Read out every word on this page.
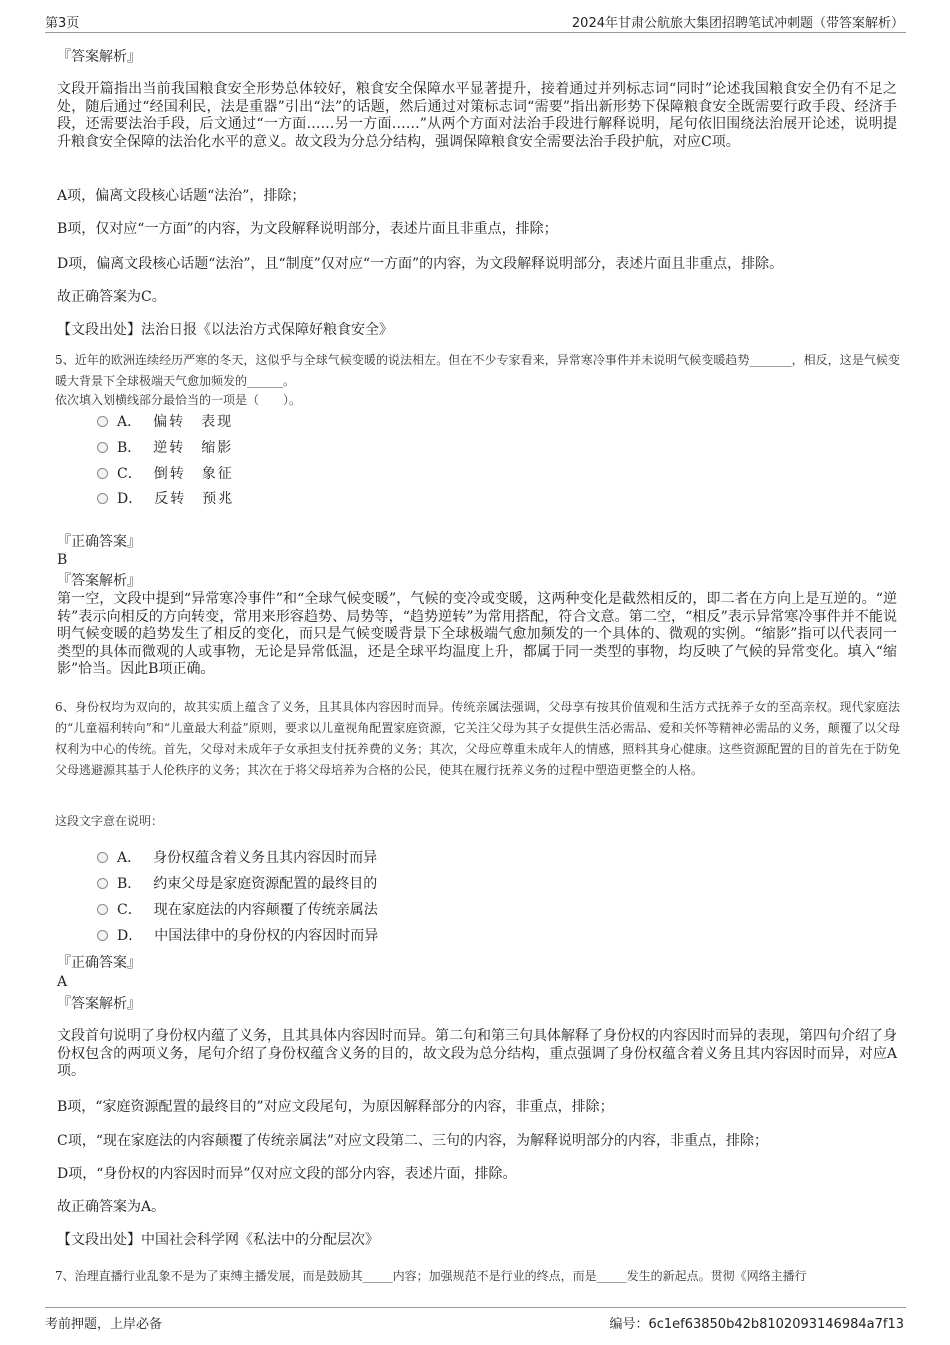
第3页	2024年甘肃公航旅大集团招聘笔试冲刺题（带答案解析）
『答案解析』
文段开篇指出当前我国粮食安全形势总体较好，粮食安全保障水平显著提升，接着通过并列标志词“同时”论述我国粮食安全仍有不足之处，随后通过“经国利民，法是重器”引出“法”的话题，然后通过对策标志词“需要”指出新形势下保障粮食安全既需要行政手段、经济手段，还需要法治手段，后文通过“一方面……另一方面……”从两个方面对法治手段进行解释说明，尾句依旧围绕法治展开论述，说明提升粮食安全保障的法治化水平的意义。故文段为分总分结构，强调保障粮食安全需要法治手段护航，对应C项。
A项，偏离文段核心话题“法治”，排除；
B项，仅对应“一方面”的内容，为文段解释说明部分，表述片面且非重点，排除；
D项，偏离文段核心话题“法治”，且“制度”仅对应“一方面”的内容，为文段解释说明部分，表述片面且非重点，排除。
故正确答案为C。
【文段出处】法治日报《以法治方式保障好粮食安全》
5、近年的欧洲连续经历严寒的冬天，这似乎与全球气候变暖的说法相左。但在不少专家看来，异常寒冷事件并未说明气候变暖趋势_______，相反，这是气候变暖大背景下全球极端天气愈加频发的______。
依次填入划横线部分最恰当的一项是（　　）。
A． 偏转　表现
B． 逆转　缩影
C． 倒转　象征
D． 反转　预兆
『正确答案』
B
『答案解析』
第一空，文段中提到“异常寒冷事件”和“全球气候变暖”，气候的变冷或变暖，这两种变化是截然相反的，即二者在方向上是互逆的。“逆转”表示向相反的方向转变，常用来形容趋势、局势等，“趋势逆转”为常用搭配，符合文意。第二空，“相反”表示异常寒冷事件并不能说明气候变暖的趋势发生了相反的变化，而只是气候变暖背景下全球极端气愈加频发的一个具体的、微观的实例。“缩影”指可以代表同一类型的具体而微观的人或事物，无论是异常低温，还是全球平均温度上升，都属于同一类型的事物，均反映了气候的异常变化。填入“缩影”恰当。因此B项正确。
6、身份权均为双向的，故其实质上蕴含了义务，且其具体内容因时而异。传统亲属法强调，父母享有按其价值观和生活方式抚养子女的至高亲权。现代家庭法的“儿童福利转向”和“儿童最大利益”原则，要求以儿童视角配置家庭资源，它关注父母为其子女提供生活必需品、爱和关怀等精神必需品的义务，颠覆了以父母权利为中心的传统。首先，父母对未成年子女承担支付抚养费的义务；其次，父母应尊重未成年人的情感，照料其身心健康。这些资源配置的目的首先在于防免父母逃避源其基于人伦秩序的义务；其次在于将父母培养为合格的公民，使其在履行抚养义务的过程中塑造更整全的人格。
这段文字意在说明：
A． 身份权蕴含着义务且其内容因时而异
B． 约束父母是家庭资源配置的最终目的
C． 现在家庭法的内容颠覆了传统亲属法
D． 中国法律中的身份权的内容因时而异
『正确答案』
A
『答案解析』
文段首句说明了身份权内蕴了义务，且其具体内容因时而异。第二句和第三句具体解释了身份权的内容因时而异的表现，第四句介绍了身份权包含的两项义务，尾句介绍了身份权蕴含义务的目的，故文段为总分结构，重点强调了身份权蕴含着义务且其内容因时而异，对应A项。
B项，“家庭资源配置的最终目的”对应文段尾句，为原因解释部分的内容，非重点，排除；
C项，“现在家庭法的内容颠覆了传统亲属法”对应文段第二、三句的内容，为解释说明部分的内容，非重点，排除；
D项，“身份权的内容因时而异”仅对应文段的部分内容，表述片面，排除。
故正确答案为A。
【文段出处】中国社会科学网《私法中的分配层次》
7、治理直播行业乱象不是为了束缚主播发展，而是鼓励其_____内容；加强规范不是行业的终点，而是_____发生的新起点。贯彻《网络主播行
考前押题，上岸必备	编号：6c1ef63850b42b8102093146984a7f13
